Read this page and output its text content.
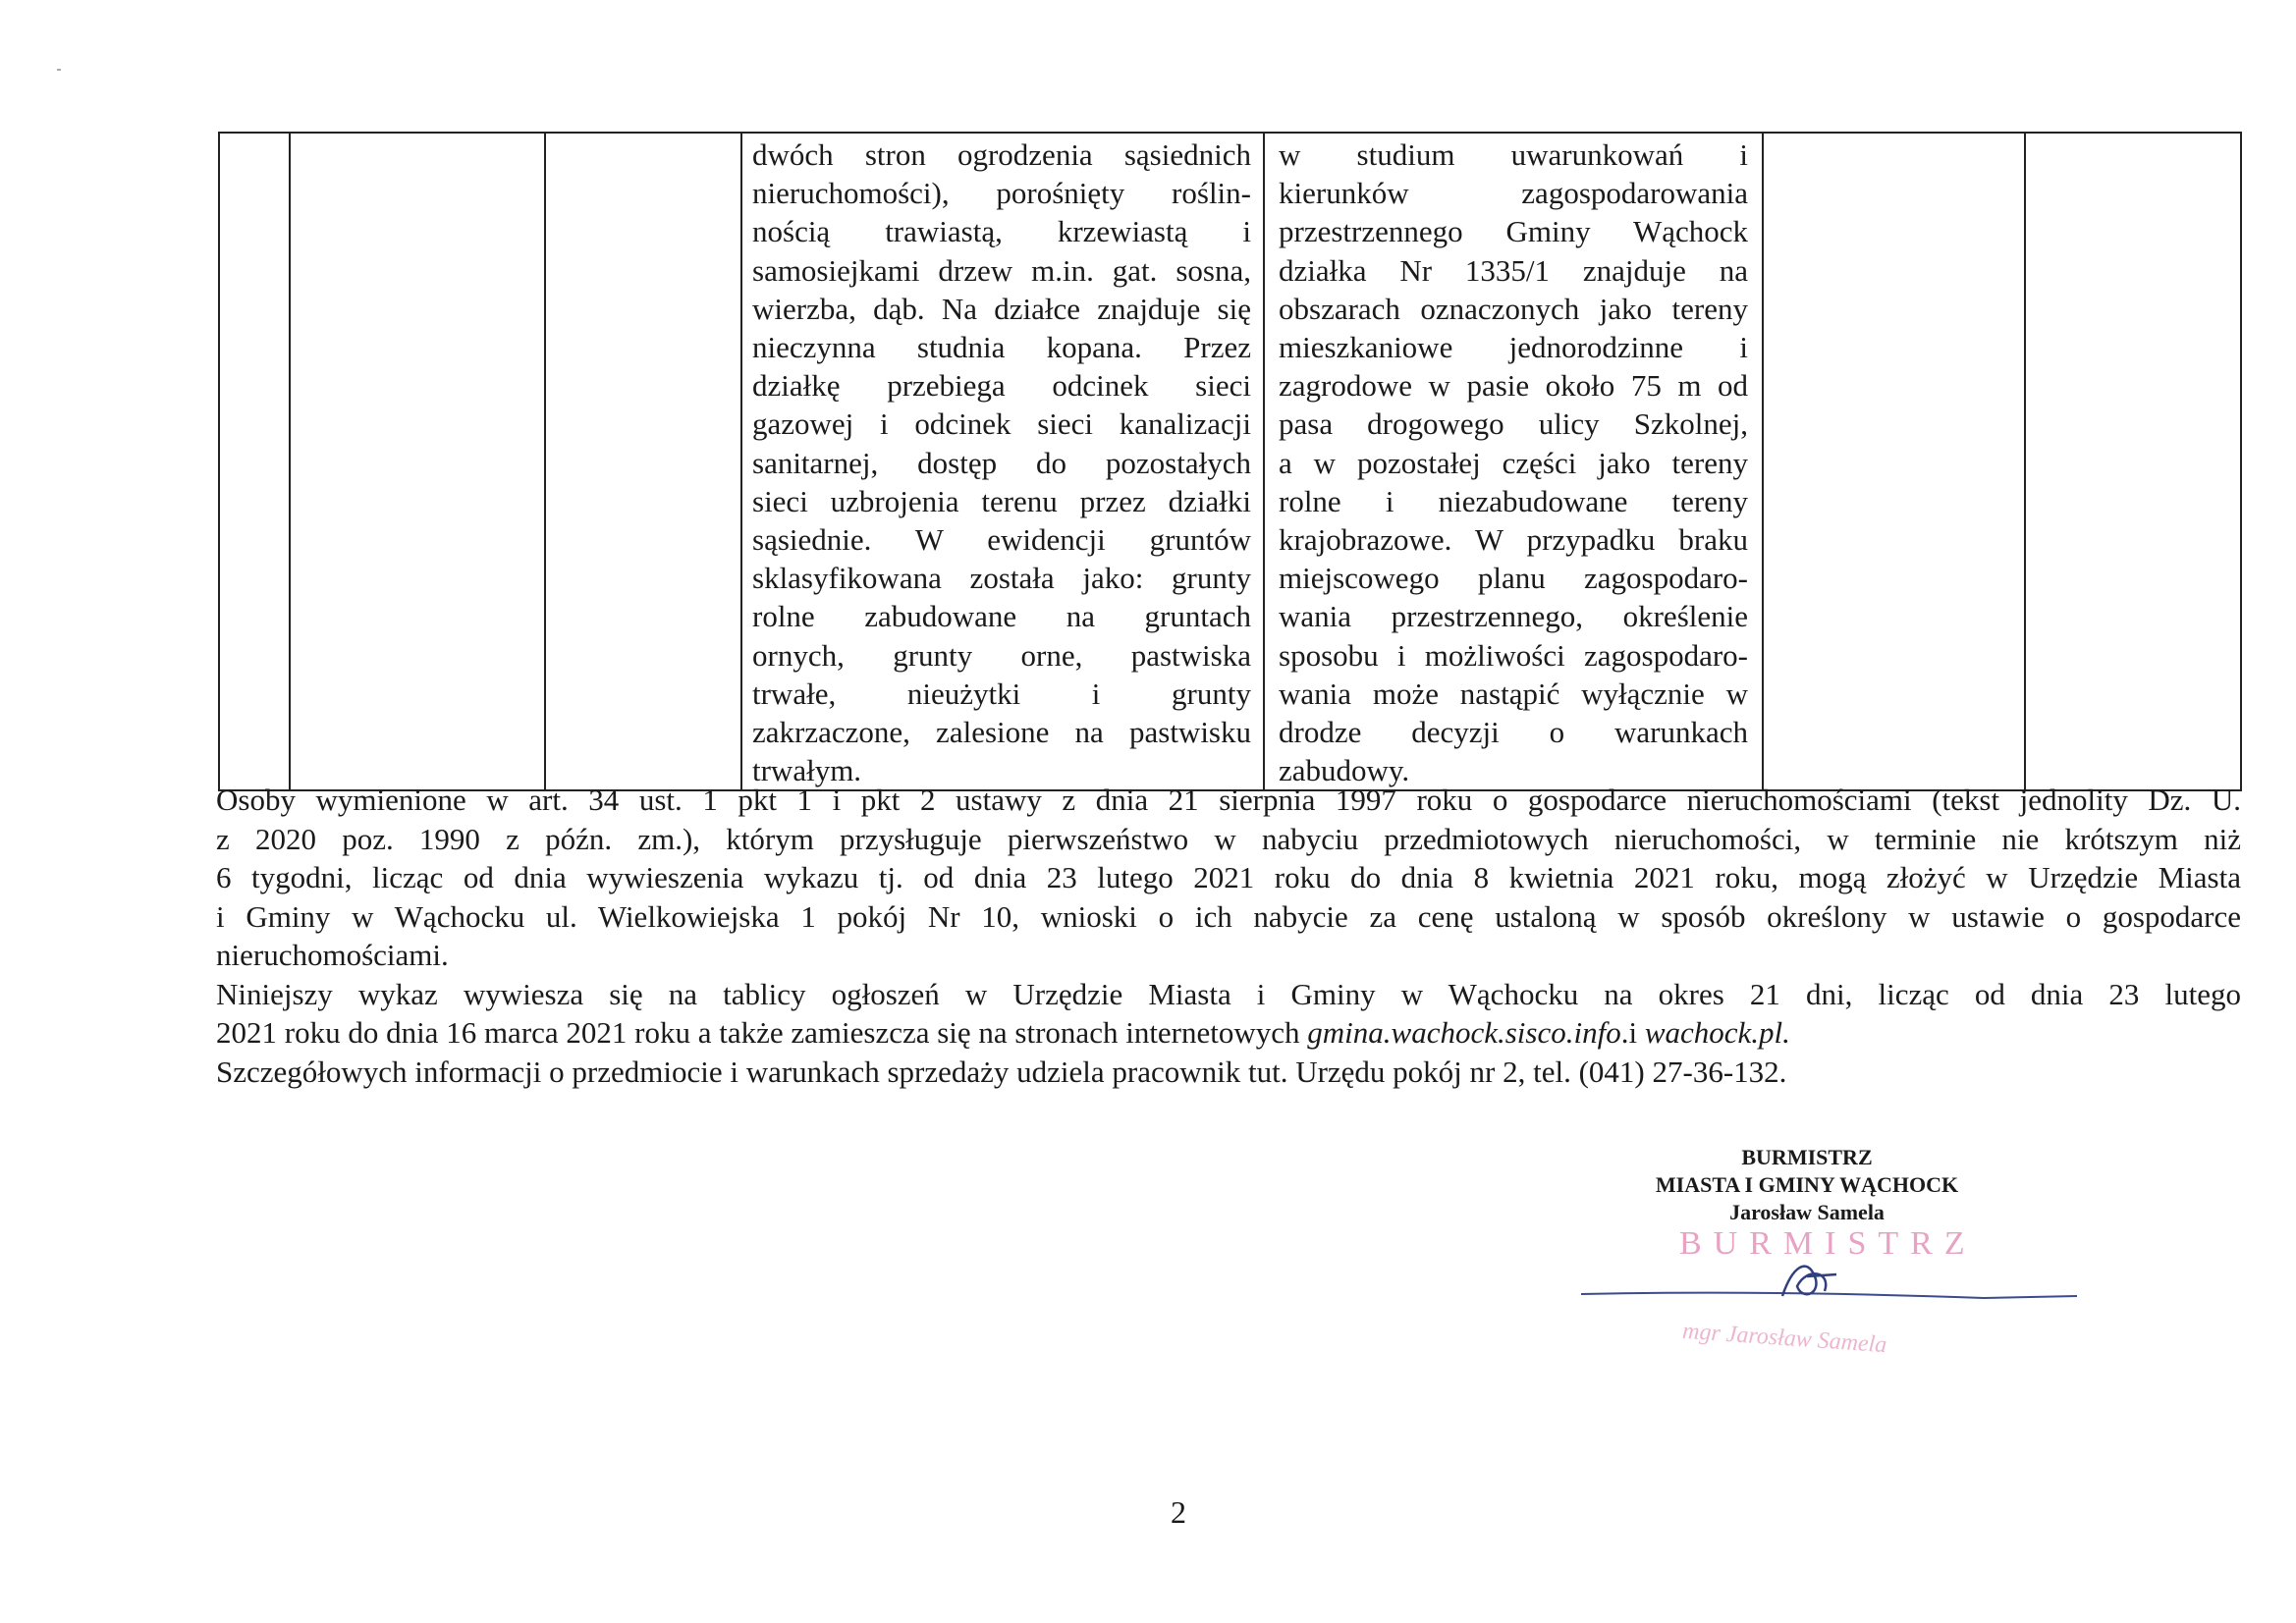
dwóch stron ogrodzenia sąsiednich
nieruchomości), porośnięty roślin-
nością trawiastą, krzewiastą i
samosiejkami drzew m.in. gat. sosna,
wierzba, dąb. Na działce znajduje się
nieczynna studnia kopana. Przez
działkę przebiega odcinek sieci
gazowej i odcinek sieci kanalizacji
sanitarnej, dostęp do pozostałych
sieci uzbrojenia terenu przez działki
sąsiednie. W ewidencji gruntów
sklasyfikowana została jako: grunty
rolne zabudowane na gruntach
ornych, grunty orne, pastwiska
trwałe, nieużytki i grunty
zakrzaczone, zalesione na pastwisku
trwałym.

w studium uwarunkowań i
kierunków zagospodarowania
przestrzennego Gminy Wąchock
działka Nr 1335/1 znajduje na
obszarach oznaczonych jako tereny
mieszkaniowe jednorodzinne i
zagrodowe w pasie około 75 m od
pasa drogowego ulicy Szkolnej,
a w pozostałej części jako tereny
rolne i niezabudowane tereny
krajobrazowe. W przypadku braku
miejscowego planu zagospodaro-
wania przestrzennego, określenie
sposobu i możliwości zagospodaro-
wania może nastąpić wyłącznie w
drodze decyzji o warunkach
zabudowy.

Osoby wymienione w art. 34 ust. 1 pkt 1 i pkt 2 ustawy z dnia 21 sierpnia 1997 roku o gospodarce nieruchomościami (tekst jednolity Dz. U.
z 2020 poz. 1990 z późn. zm.), którym przysługuje pierwszeństwo w nabyciu przedmiotowych nieruchomości, w terminie nie krótszym niż
6 tygodni, licząc od dnia wywieszenia wykazu tj. od dnia 23 lutego 2021 roku do dnia 8 kwietnia 2021 roku, mogą złożyć w Urzędzie Miasta
i Gminy w Wąchocku ul. Wielkowiejska 1 pokój Nr 10, wnioski o ich nabycie za cenę ustaloną w sposób określony w ustawie o gospodarce
nieruchomościami.

Niniejszy wykaz wywiesza się na tablicy ogłoszeń w Urzędzie Miasta i Gminy w Wąchocku na okres 21 dni, licząc od dnia 23 lutego
2021 roku do dnia 16 marca 2021 roku a także zamieszcza się na stronach internetowych gmina.wachock.sisco.info.i wachock.pl.

Szczegółowych informacji o przedmiocie i warunkach sprzedaży udziela pracownik tut. Urzędu pokój nr 2, tel. (041) 27-36-132.

BURMISTRZ
MIASTA I GMINY WĄCHOCK
Jarosław Samela
BURMISTRZ
mgr Jarosław Samela
2
